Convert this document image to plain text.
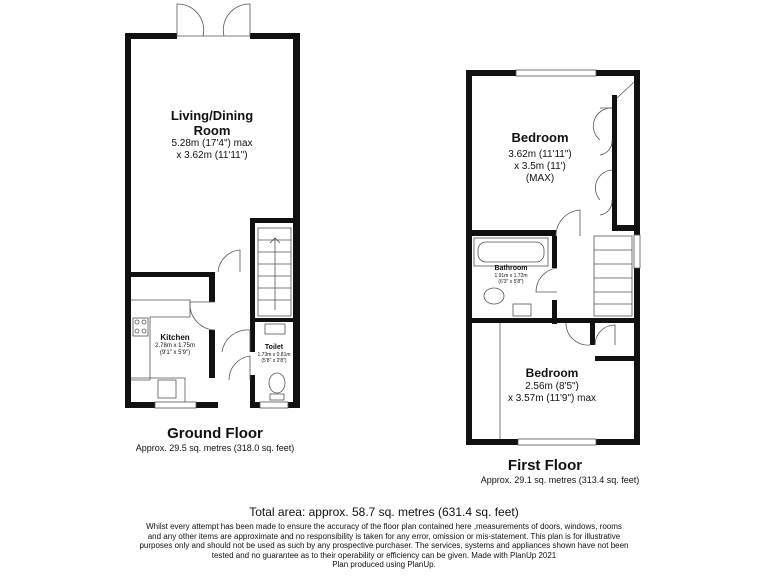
Living/Dining
Room
5.28m (17'4") max
x 3.62m (11'11")
Kitchen
2.78m x 1.75m
(9'1" x 5'9")
Toilet
1.73m x 0.81m
(5'8" x 2'8")
Ground Floor
Approx. 29.5 sq. metres (318.0 sq. feet)
Bedroom
3.62m (11'11")
x 3.5m (11')
(MAX)
Bathroom
1.91m x 1.72m
(6'3" x 5'8")
Bedroom
2.56m (8'5")
x 3.57m (11'9") max
First Floor
Approx. 29.1 sq. metres (313.4 sq. feet)
Total area: approx. 58.7 sq. metres (631.4 sq. feet)
Whilst every attempt has been made to ensure the accuracy of the floor plan contained here ,measurements of doors, windows, rooms
and any other items are approximate and no responsibility is taken for any error, omission or mis-statement. This plan is for illustrative
purposes only and should not be used as such by any prospective purchaser. The services, systems and appliances shown have not been
tested and no guarantee as to their operability or efficiency can be given. Made with PlanUp 2021
Plan produced using PlanUp.
